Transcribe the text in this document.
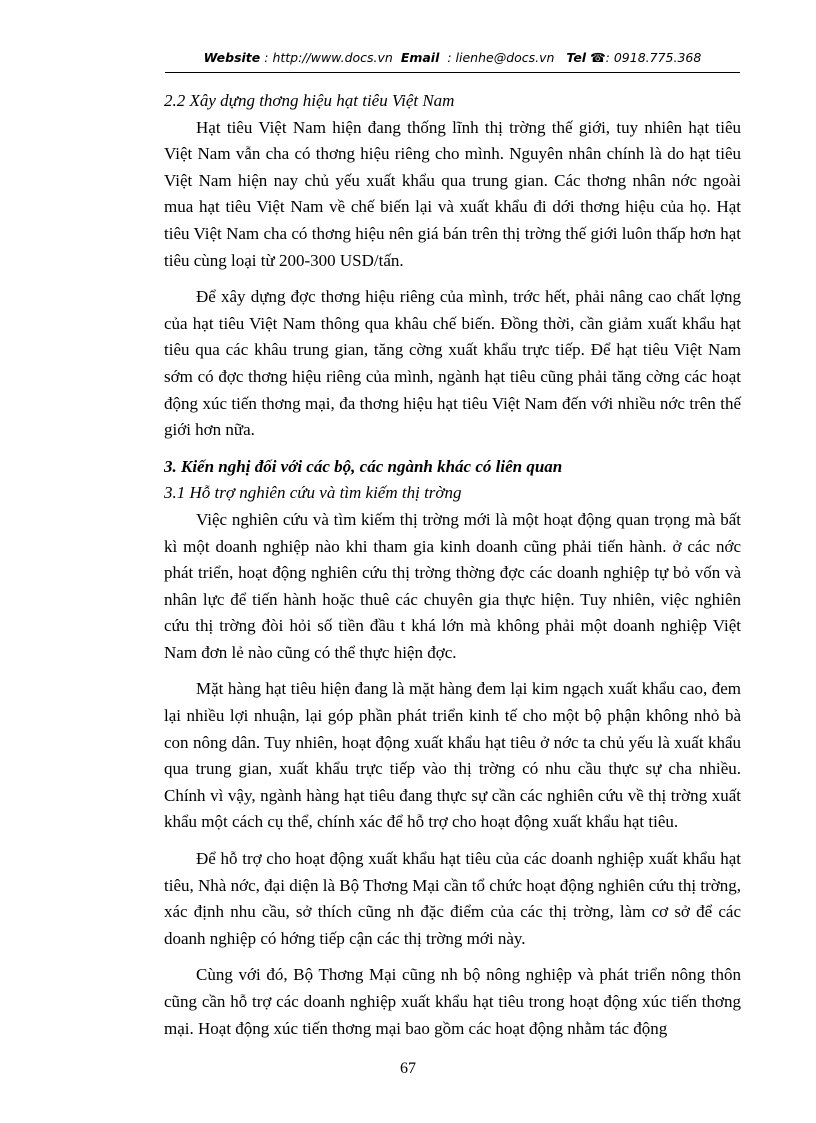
Website : http://www.docs.vn Email  : lienhe@docs.vn Tel ☎: 0918.775.368

2.2 Xây dựng thơng hiệu hạt tiêu Việt Nam

Hạt tiêu Việt Nam hiện đang thống lĩnh thị trờng thế giới, tuy nhiên hạt tiêu Việt Nam vẫn cha có thơng hiệu riêng cho mình. Nguyên nhân chính là do hạt tiêu Việt Nam hiện nay chủ yếu xuất khẩu qua trung gian. Các thơng nhân nớc ngoài mua hạt tiêu Việt Nam về chế biến lại và xuất khẩu đi dới thơng hiệu của họ. Hạt tiêu Việt Nam cha có thơng hiệu nên giá bán trên thị trờng thế giới luôn thấp hơn hạt tiêu cùng loại từ 200-300 USD/tấn.

Để xây dựng đợc thơng hiệu riêng của mình, trớc hết, phải nâng cao chất lợng của hạt tiêu Việt Nam thông qua khâu chế biến. Đồng thời, cần giảm xuất khẩu hạt tiêu qua các khâu trung gian, tăng cờng xuất khẩu trực tiếp. Để hạt tiêu Việt Nam sớm có đợc thơng hiệu riêng của mình, ngành hạt tiêu cũng phải tăng cờng các hoạt động xúc tiến thơng mại, đa thơng hiệu hạt tiêu Việt Nam đến với nhiều nớc trên thế giới hơn nữa.

3. Kiến nghị đối với các bộ, các ngành khác có liên quan

3.1 Hỗ trợ nghiên cứu và tìm kiếm thị trờng

Việc nghiên cứu và tìm kiếm thị trờng mới là một hoạt động quan trọng mà bất kì một doanh nghiệp nào khi tham gia kinh doanh cũng phải tiến hành. ở các nớc phát triển, hoạt động nghiên cứu thị trờng thờng đợc các doanh nghiệp tự bỏ vốn và nhân lực để tiến hành hoặc thuê các chuyên gia thực hiện. Tuy nhiên, việc nghiên cứu thị trờng đòi hỏi số tiền đầu t khá lớn mà không phải một doanh nghiệp Việt Nam đơn lẻ nào cũng có thể thực hiện đợc.

Mặt hàng hạt tiêu hiện đang là mặt hàng đem lại kim ngạch xuất khẩu cao, đem lại nhiều lợi nhuận, lại góp phần phát triển kinh tế cho một bộ phận không nhỏ bà con nông dân. Tuy nhiên, hoạt động xuất khẩu hạt tiêu ở nớc ta chủ yếu là xuất khẩu qua trung gian, xuất khẩu trực tiếp vào thị trờng có nhu cầu thực sự cha nhiều. Chính vì vậy, ngành hàng hạt tiêu đang thực sự cần các nghiên cứu về thị trờng xuất khẩu một cách cụ thể, chính xác để hỗ trợ cho hoạt động xuất khẩu hạt tiêu.

Để hỗ trợ cho hoạt động xuất khẩu hạt tiêu của các doanh nghiệp xuất khẩu hạt tiêu, Nhà nớc, đại diện là Bộ Thơng Mại cần tổ chức hoạt động nghiên cứu thị trờng, xác định nhu cầu, sở thích cũng nh đặc điểm của các thị trờng, làm cơ sở để các doanh nghiệp có hớng tiếp cận các thị trờng mới này.

Cùng với đó, Bộ Thơng Mại cũng nh bộ nông nghiệp và phát triển nông thôn cũng cần hỗ trợ các doanh nghiệp xuất khẩu hạt tiêu trong hoạt động xúc tiến thơng mại. Hoạt động xúc tiến thơng mại bao gồm các hoạt động nhằm tác động

67
